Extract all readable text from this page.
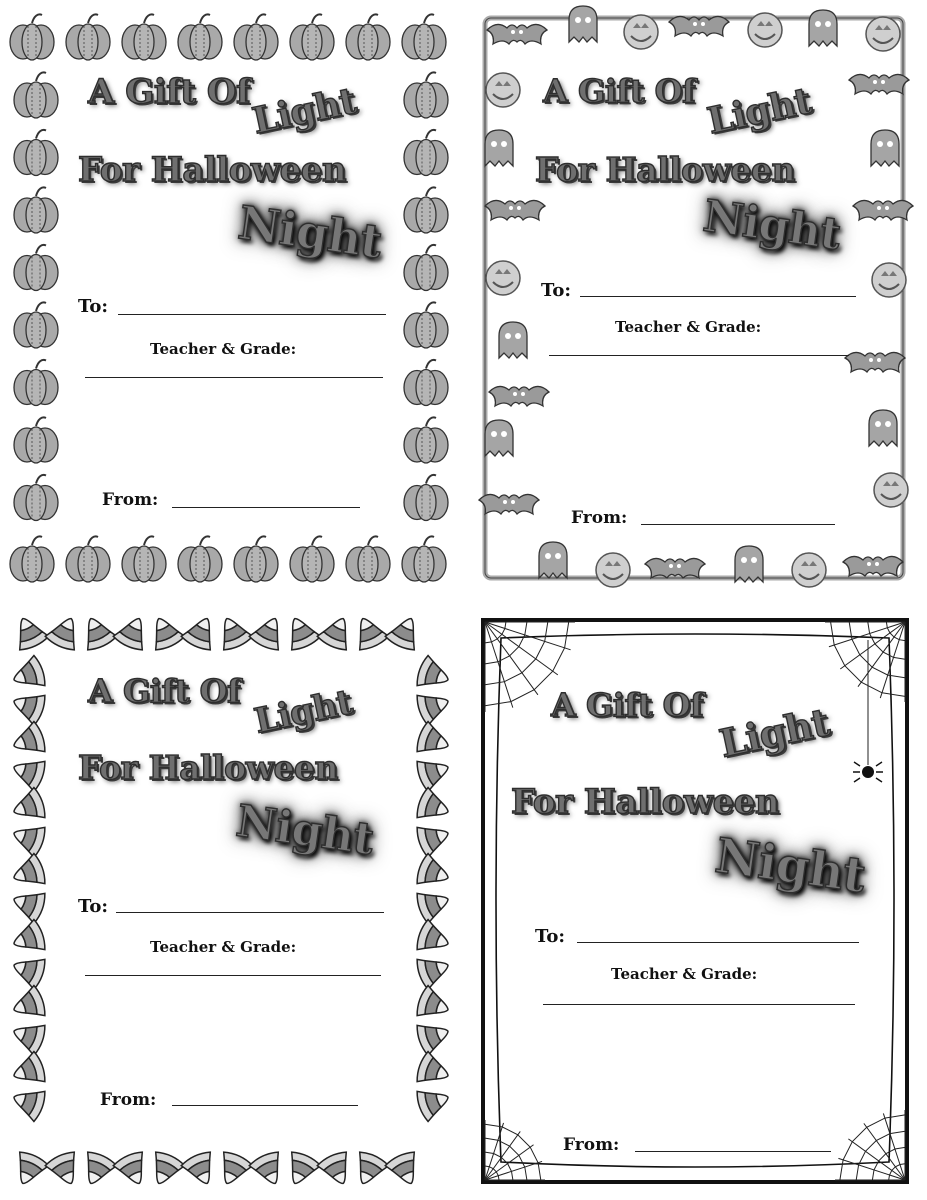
A Gift Of
Light
For Halloween
Night
To:
Teacher & Grade:
From:
A Gift Of Light
For Halloween
Night
To:
Teacher & Grade:
From:
A Gift Of Light
For Halloween
Night
To:
Teacher & Grade:
From:
A Gift Of Light
For Halloween
Night
To:
Teacher & Grade:
From:
